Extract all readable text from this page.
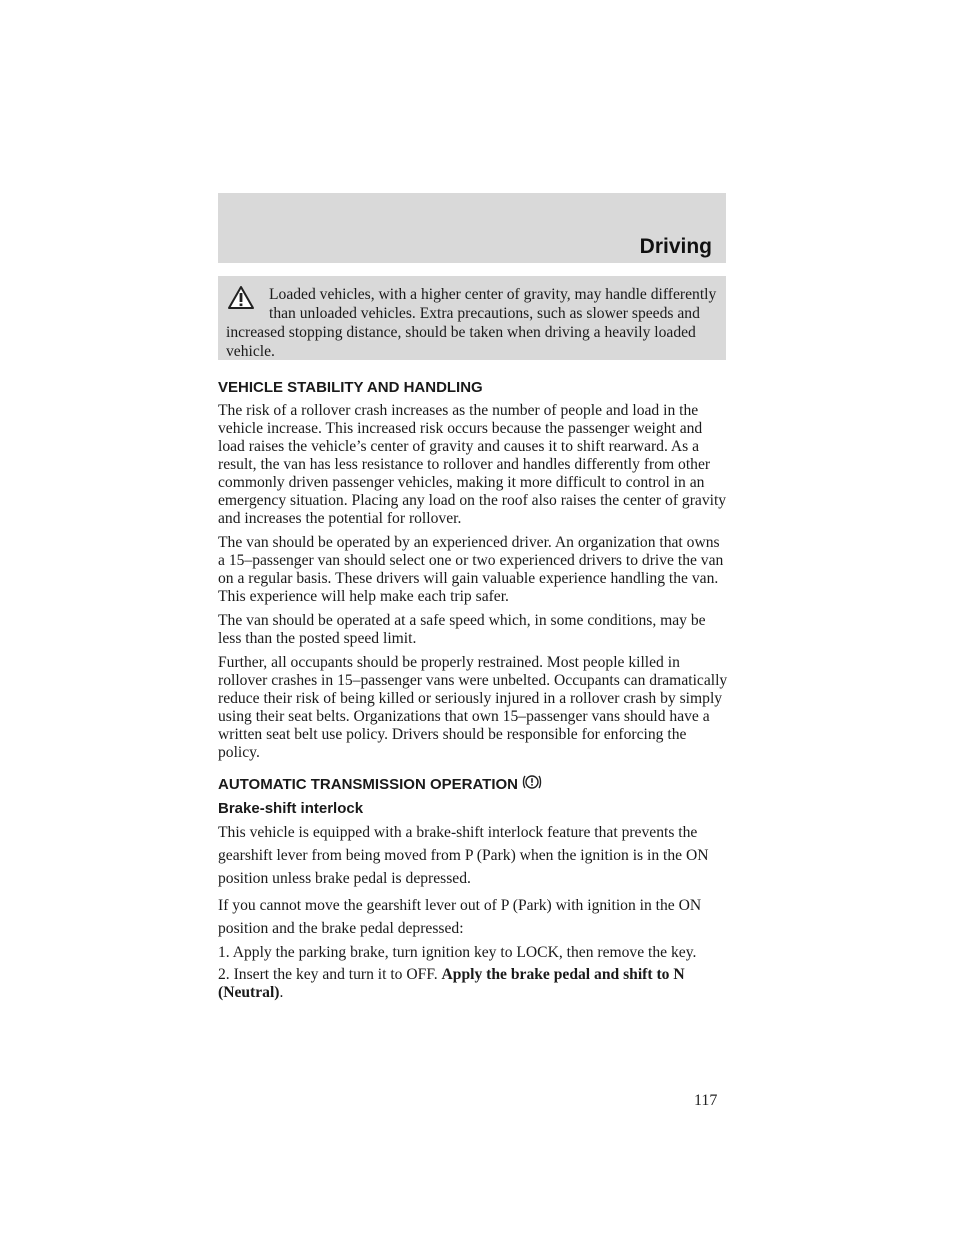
Driving
Loaded vehicles, with a higher center of gravity, may handle differently than unloaded vehicles. Extra precautions, such as slower speeds and increased stopping distance, should be taken when driving a heavily loaded vehicle.
VEHICLE STABILITY AND HANDLING

The risk of a rollover crash increases as the number of people and load in the vehicle increase. This increased risk occurs because the passenger weight and load raises the vehicle’s center of gravity and causes it to shift rearward. As a result, the van has less resistance to rollover and handles differently from other commonly driven passenger vehicles, making it more difficult to control in an emergency situation. Placing any load on the roof also raises the center of gravity and increases the potential for rollover.

The van should be operated by an experienced driver. An organization that owns a 15–passenger van should select one or two experienced drivers to drive the van on a regular basis. These drivers will gain valuable experience handling the van. This experience will help make each trip safer.

The van should be operated at a safe speed which, in some conditions, may be less than the posted speed limit.

Further, all occupants should be properly restrained. Most people killed in rollover crashes in 15–passenger vans were unbelted. Occupants can dramatically reduce their risk of being killed or seriously injured in a rollover crash by simply using their seat belts. Organizations that own 15–passenger vans should have a written seat belt use policy. Drivers should be responsible for enforcing the policy.

AUTOMATIC TRANSMISSION OPERATION
Brake-shift interlock

This vehicle is equipped with a brake-shift interlock feature that prevents the gearshift lever from being moved from P (Park) when the ignition is in the ON position unless brake pedal is depressed.

If you cannot move the gearshift lever out of P (Park) with ignition in the ON position and the brake pedal depressed:

1. Apply the parking brake, turn ignition key to LOCK, then remove the key.

2. Insert the key and turn it to OFF. Apply the brake pedal and shift to N (Neutral).

117
